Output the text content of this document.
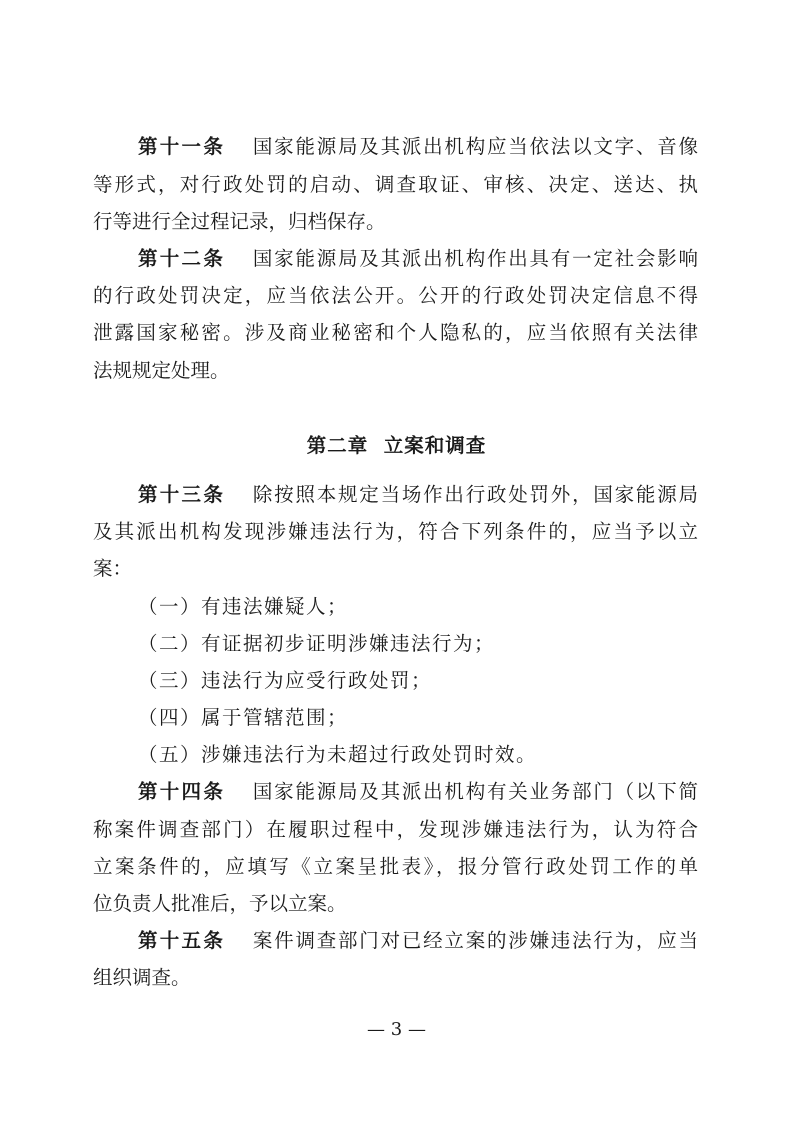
第十一条 国家能源局及其派出机构应当依法以文字、音像
等形式，对行政处罚的启动、调查取证、审核、决定、送达、执
行等进行全过程记录，归档保存。
第十二条 国家能源局及其派出机构作出具有一定社会影响
的行政处罚决定，应当依法公开。公开的行政处罚决定信息不得
泄露国家秘密。涉及商业秘密和个人隐私的，应当依照有关法律
法规规定处理。
第二章  立案和调查
第十三条 除按照本规定当场作出行政处罚外，国家能源局
及其派出机构发现涉嫌违法行为，符合下列条件的，应当予以立
案：
（一）有违法嫌疑人；
（二）有证据初步证明涉嫌违法行为；
（三）违法行为应受行政处罚；
（四）属于管辖范围；
（五）涉嫌违法行为未超过行政处罚时效。
第十四条 国家能源局及其派出机构有关业务部门（以下简
称案件调查部门）在履职过程中，发现涉嫌违法行为，认为符合
立案条件的，应填写《立案呈批表》，报分管行政处罚工作的单
位负责人批准后，予以立案。
第十五条 案件调查部门对已经立案的涉嫌违法行为，应当
组织调查。
— 3 —
